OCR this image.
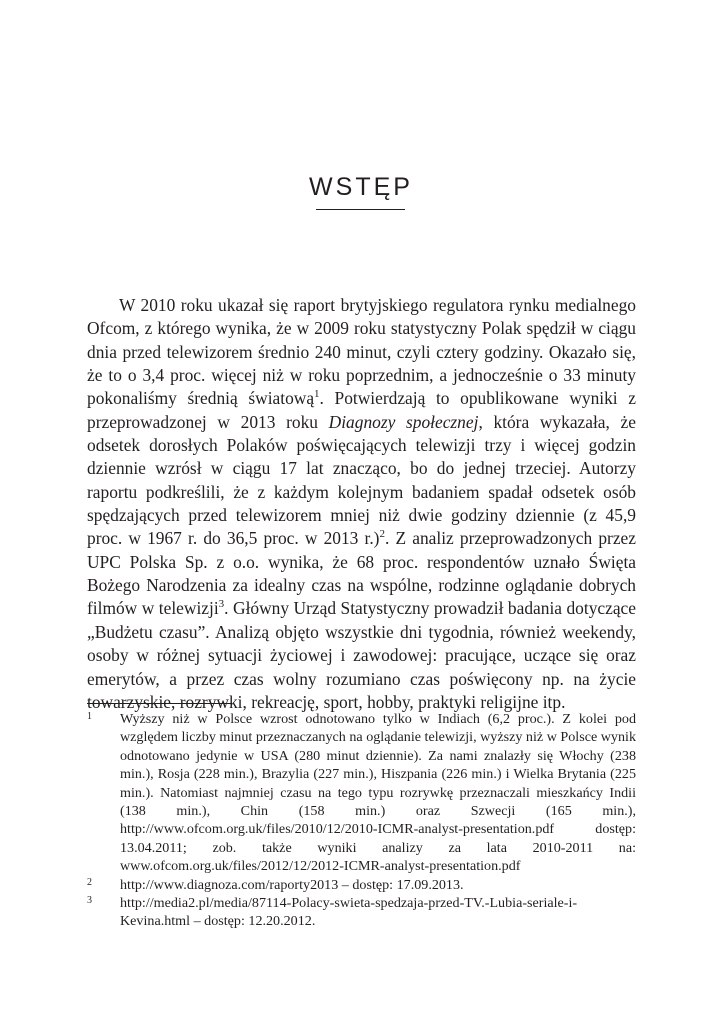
WSTĘP

W 2010 roku ukazał się raport brytyjskiego regulatora rynku medialnego Ofcom, z którego wynika, że w 2009 roku statystyczny Polak spędził w ciągu dnia przed telewizorem średnio 240 minut, czyli cztery godziny. Okazało się, że to o 3,4 proc. więcej niż w roku poprzednim, a jednocześnie o 33 minuty pokonaliśmy średnią światową$^1$. Potwierdzają to opublikowane wyniki z przeprowadzonej w 2013 roku Diagnozy społecznej, która wykazała, że odsetek dorosłych Polaków poświęcających telewizji trzy i więcej godzin dziennie wzrósł w ciągu 17 lat znacząco, bo do jednej trzeciej. Autorzy raportu podkreślili, że z każdym kolejnym badaniem spadał odsetek osób spędzających przed telewizorem mniej niż dwie godziny dziennie (z 45,9 proc. w 1967 r. do 36,5 proc. w 2013 r.)$^2$. Z analiz przeprowadzonych przez UPC Polska Sp. z o.o. wynika, że 68 proc. respondentów uznało Święta Bożego Narodzenia za idealny czas na wspólne, rodzinne oglądanie dobrych filmów w telewizji$^3$. Główny Urząd Statystyczny prowadził badania dotyczące „Budżetu czasu”. Analizą objęto wszystkie dni tygodnia, również weekendy, osoby w różnej sytuacji życiowej i zawodowej: pracujące, uczące się oraz emerytów, a przez czas wolny rozumiano czas poświęcony np. na życie towarzyskie, rozrywki, rekreację, sport, hobby, praktyki religijne itp.

1 Wyższy niż w Polsce wzrost odnotowano tylko w Indiach (6,2 proc.). Z kolei pod względem liczby minut przeznaczanych na oglądanie telewizji, wyższy niż w Polsce wynik odnotowano jedynie w USA (280 minut dziennie). Za nami znalazły się Włochy (238 min.), Rosja (228 min.), Brazylia (227 min.), Hiszpania (226 min.) i Wielka Brytania (225 min.). Natomiast najmniej czasu na tego typu rozrywkę przeznaczali mieszkańcy Indii (138 min.), Chin (158 min.) oraz Szwecji (165 min.), http://www.ofcom.org.uk/files/2010/12/2010-ICMR-analyst-presentation.pdf dostęp: 13.04.2011; zob. także wyniki analizy za lata 2010-2011 na: www.ofcom.org.uk/files/2012/12/2012-ICMR-analyst-presentation.pdf
2 http://www.diagnoza.com/raporty2013 – dostęp: 17.09.2013.
3 http://media2.pl/media/87114-Polacy-swieta-spedzaja-przed-TV.-Lubia-seriale-i-Kevina.html – dostęp: 12.20.2012.
